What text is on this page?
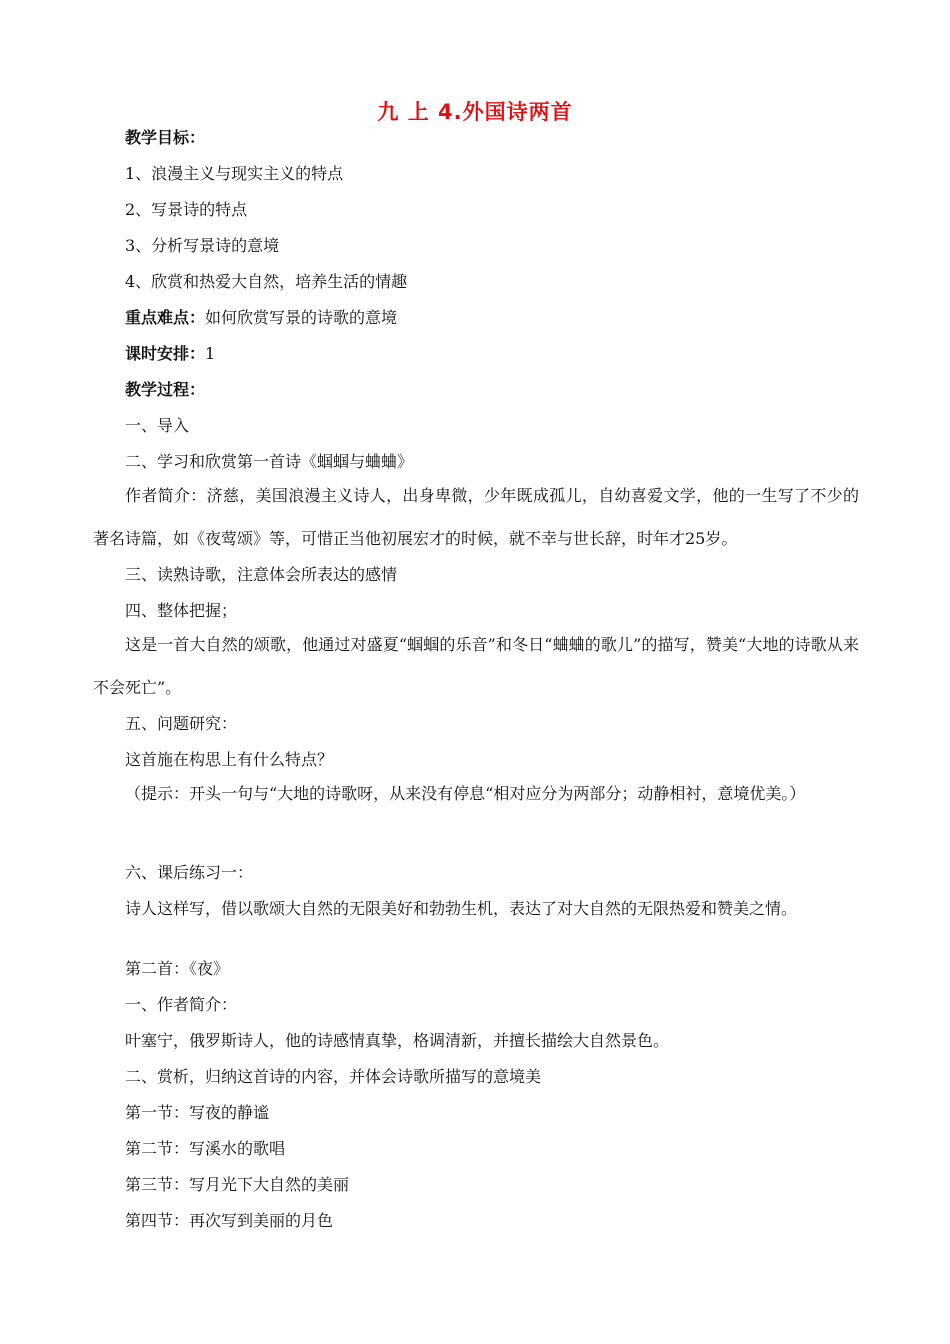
九 上 4.外国诗两首
教学目标：
1、浪漫主义与现实主义的特点
2、写景诗的特点
3、分析写景诗的意境
4、欣赏和热爱大自然，培养生活的情趣
重点难点：如何欣赏写景的诗歌的意境
课时安排：1
教学过程：
一、导入
二、学习和欣赏第一首诗《蝈蝈与蛐蛐》
作者简介：济慈，美国浪漫主义诗人，出身卑微，少年既成孤儿，自幼喜爱文学，他的一生写了不少的著名诗篇，如《夜莺颂》等，可惜正当他初展宏才的时候，就不幸与世长辞，时年才25岁。
三、读熟诗歌，注意体会所表达的感情
四、整体把握；
这是一首大自然的颂歌，他通过对盛夏“蝈蝈的乐音”和冬日“蛐蛐的歌儿”的描写，赞美“大地的诗歌从来不会死亡”。
五、问题研究：
这首施在构思上有什么特点？
（提示：开头一句与“大地的诗歌呀，从来没有停息“相对应分为两部分；动静相衬，意境优美。）
六、课后练习一：
诗人这样写，借以歌颂大自然的无限美好和勃勃生机，表达了对大自然的无限热爱和赞美之情。
第二首：《夜》
一、作者简介：
叶塞宁，俄罗斯诗人，他的诗感情真挚，格调清新，并擅长描绘大自然景色。
二、赏析，归纳这首诗的内容，并体会诗歌所描写的意境美
第一节：写夜的静谧
第二节：写溪水的歌唱
第三节：写月光下大自然的美丽
第四节：再次写到美丽的月色
